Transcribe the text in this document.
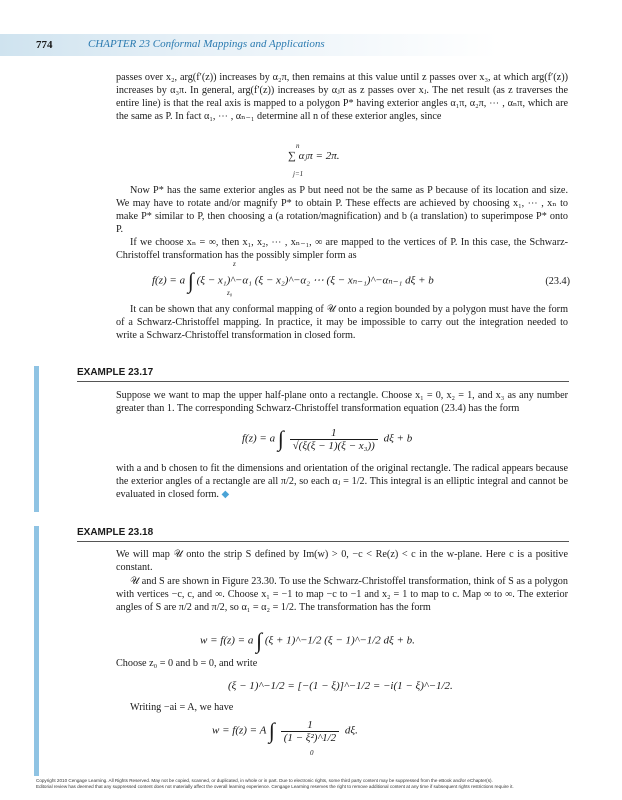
774	CHAPTER 23 Conformal Mappings and Applications

passes over x₂, arg(f′(z)) increases by α₂π, then remains at this value until z passes over x₃, at which arg(f′(z)) increases by α₃π. In general, arg(f′(z)) increases by αⱼπ as z passes over xⱼ. The net result (as z traverses the entire line) is that the real axis is mapped to a polygon P* having exterior angles α₁π, α₂π, ⋯ , αₙπ, which are the same as P. In fact α₁, ⋯ , αₙ₋₁ determine all n of these exterior angles, since

n
∑ αⱼπ = 2π.
j=1

Now P* has the same exterior angles as P but need not be the same as P because of its location and size. We may have to rotate and/or magnify P* to obtain P. These effects are achieved by choosing x₁, ⋯ , xₙ to make P* similar to P, then choosing a (a rotation/magnification) and b (a translation) to superimpose P* onto P.

If we choose xₙ = ∞, then x₁, x₂, ⋯ , xₙ₋₁, ∞ are mapped to the vertices of P. In this case, the Schwarz-Christoffel transformation has the possibly simpler form as

f(z) = a ∫ (ξ − x₁)^−α₁ (ξ − x₂)^−α₂ ⋯ (ξ − xₙ₋₁)^−αₙ₋₁ dξ + b
z
z₀
(23.4)

It can be shown that any conformal mapping of 𝒰 onto a region bounded by a polygon must have the form of a Schwarz-Christoffel mapping. In practice, it may be impossible to carry out the integration needed to write a Schwarz-Christoffel transformation in closed form.

EXAMPLE 23.17

Suppose we want to map the upper half-plane onto a rectangle. Choose x₁ = 0, x₂ = 1, and x₃ as any number greater than 1. The corresponding Schwarz-Christoffel transformation equation (23.4) has the form

f(z) = a ∫ $\frac{1}{\text{√(ξ(ξ − 1)(ξ − x₃))}}$ dξ + b

with a and b chosen to fit the dimensions and orientation of the original rectangle. The radical appears because the exterior angles of a rectangle are all π/2, so each αⱼ = 1/2. This integral is an elliptic integral and cannot be evaluated in closed form. ◆

EXAMPLE 23.18

We will map 𝒰 onto the strip S defined by Im(w) > 0, −c < Re(z) < c in the w-plane. Here c is a positive constant.

𝒰 and S are shown in Figure 23.30. To use the Schwarz-Christoffel transformation, think of S as a polygon with vertices −c, c, and ∞. Choose x₁ = −1 to map −c to −1 and x₂ = 1 to map to c. Map ∞ to ∞. The exterior angles of S are π/2 and π/2, so α₁ = α₂ = 1/2. The transformation has the form

w = f(z) = a ∫ (ξ + 1)^−1/2 (ξ − 1)^−1/2 dξ + b.

Choose z₀ = 0 and b = 0, and write

(ξ − 1)^−1/2 = [−(1 − ξ)]^−1/2 = −i(1 − ξ)^−1/2.

Writing −ai = A, we have

w = f(z) = A ∫ $\frac{1}{\text{(1 − ξ²)\textasciicircum{}1/2}} d\xi$.
0
Copyright 2010 Cengage Learning. All Rights Reserved. May not be copied, scanned, or duplicated, in whole or in part. Due to electronic rights, some third party content may be suppressed from the eBook and/or eChapter(s).
Editorial review has deemed that any suppressed content does not materially affect the overall learning experience. Cengage Learning reserves the right to remove additional content at any time if subsequent rights restrictions require it.
